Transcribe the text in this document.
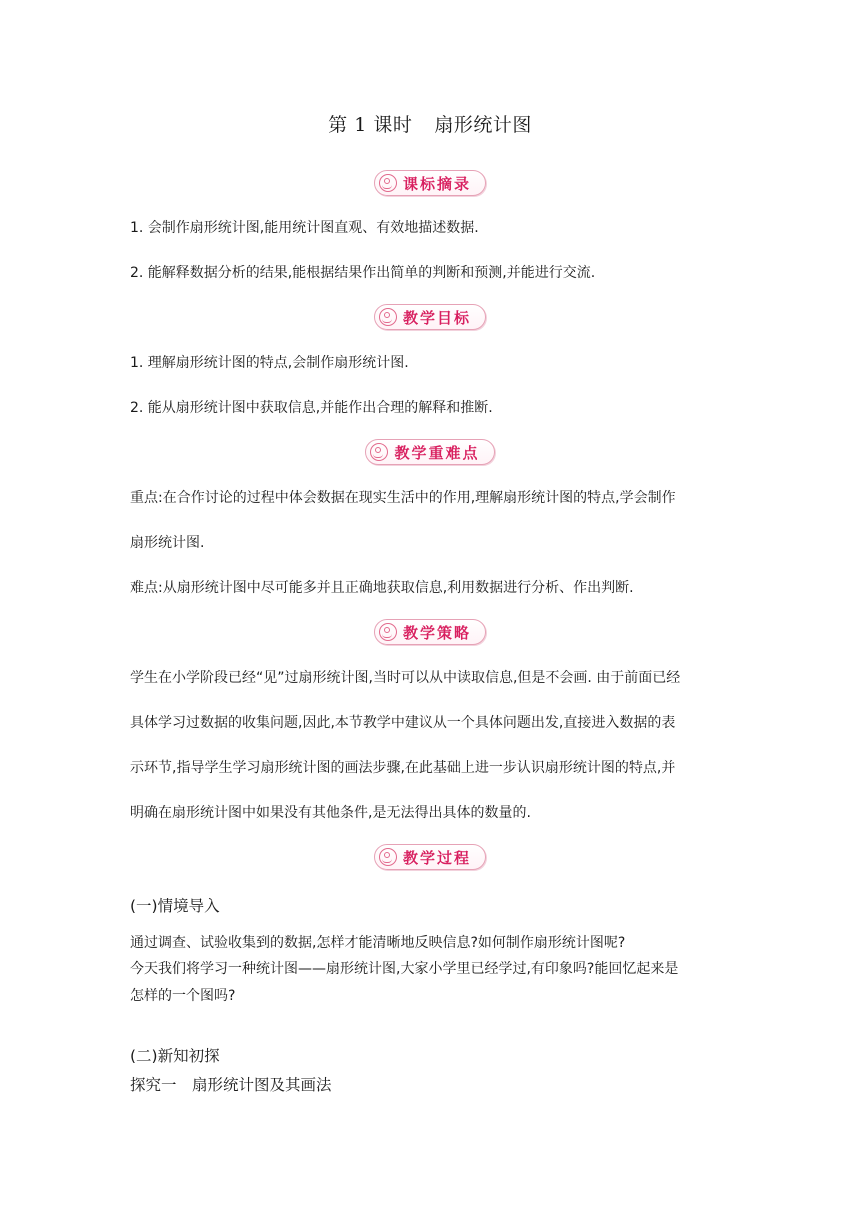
第 1 课时 扇形统计图
课标摘录
1. 会制作扇形统计图,能用统计图直观、有效地描述数据.
2. 能解释数据分析的结果,能根据结果作出简单的判断和预测,并能进行交流.
教学目标
1. 理解扇形统计图的特点,会制作扇形统计图.
2. 能从扇形统计图中获取信息,并能作出合理的解释和推断.
教学重难点
重点:在合作讨论的过程中体会数据在现实生活中的作用,理解扇形统计图的特点,学会制作
扇形统计图.
难点:从扇形统计图中尽可能多并且正确地获取信息,利用数据进行分析、作出判断.
教学策略
学生在小学阶段已经“见”过扇形统计图,当时可以从中读取信息,但是不会画. 由于前面已经
具体学习过数据的收集问题,因此,本节教学中建议从一个具体问题出发,直接进入数据的表
示环节,指导学生学习扇形统计图的画法步骤,在此基础上进一步认识扇形统计图的特点,并
明确在扇形统计图中如果没有其他条件,是无法得出具体的数量的.
教学过程
(一)情境导入
通过调查、试验收集到的数据,怎样才能清晰地反映信息?如何制作扇形统计图呢?
今天我们将学习一种统计图——扇形统计图,大家小学里已经学过,有印象吗?能回忆起来是
怎样的一个图吗?
(二)新知初探
探究一　扇形统计图及其画法
